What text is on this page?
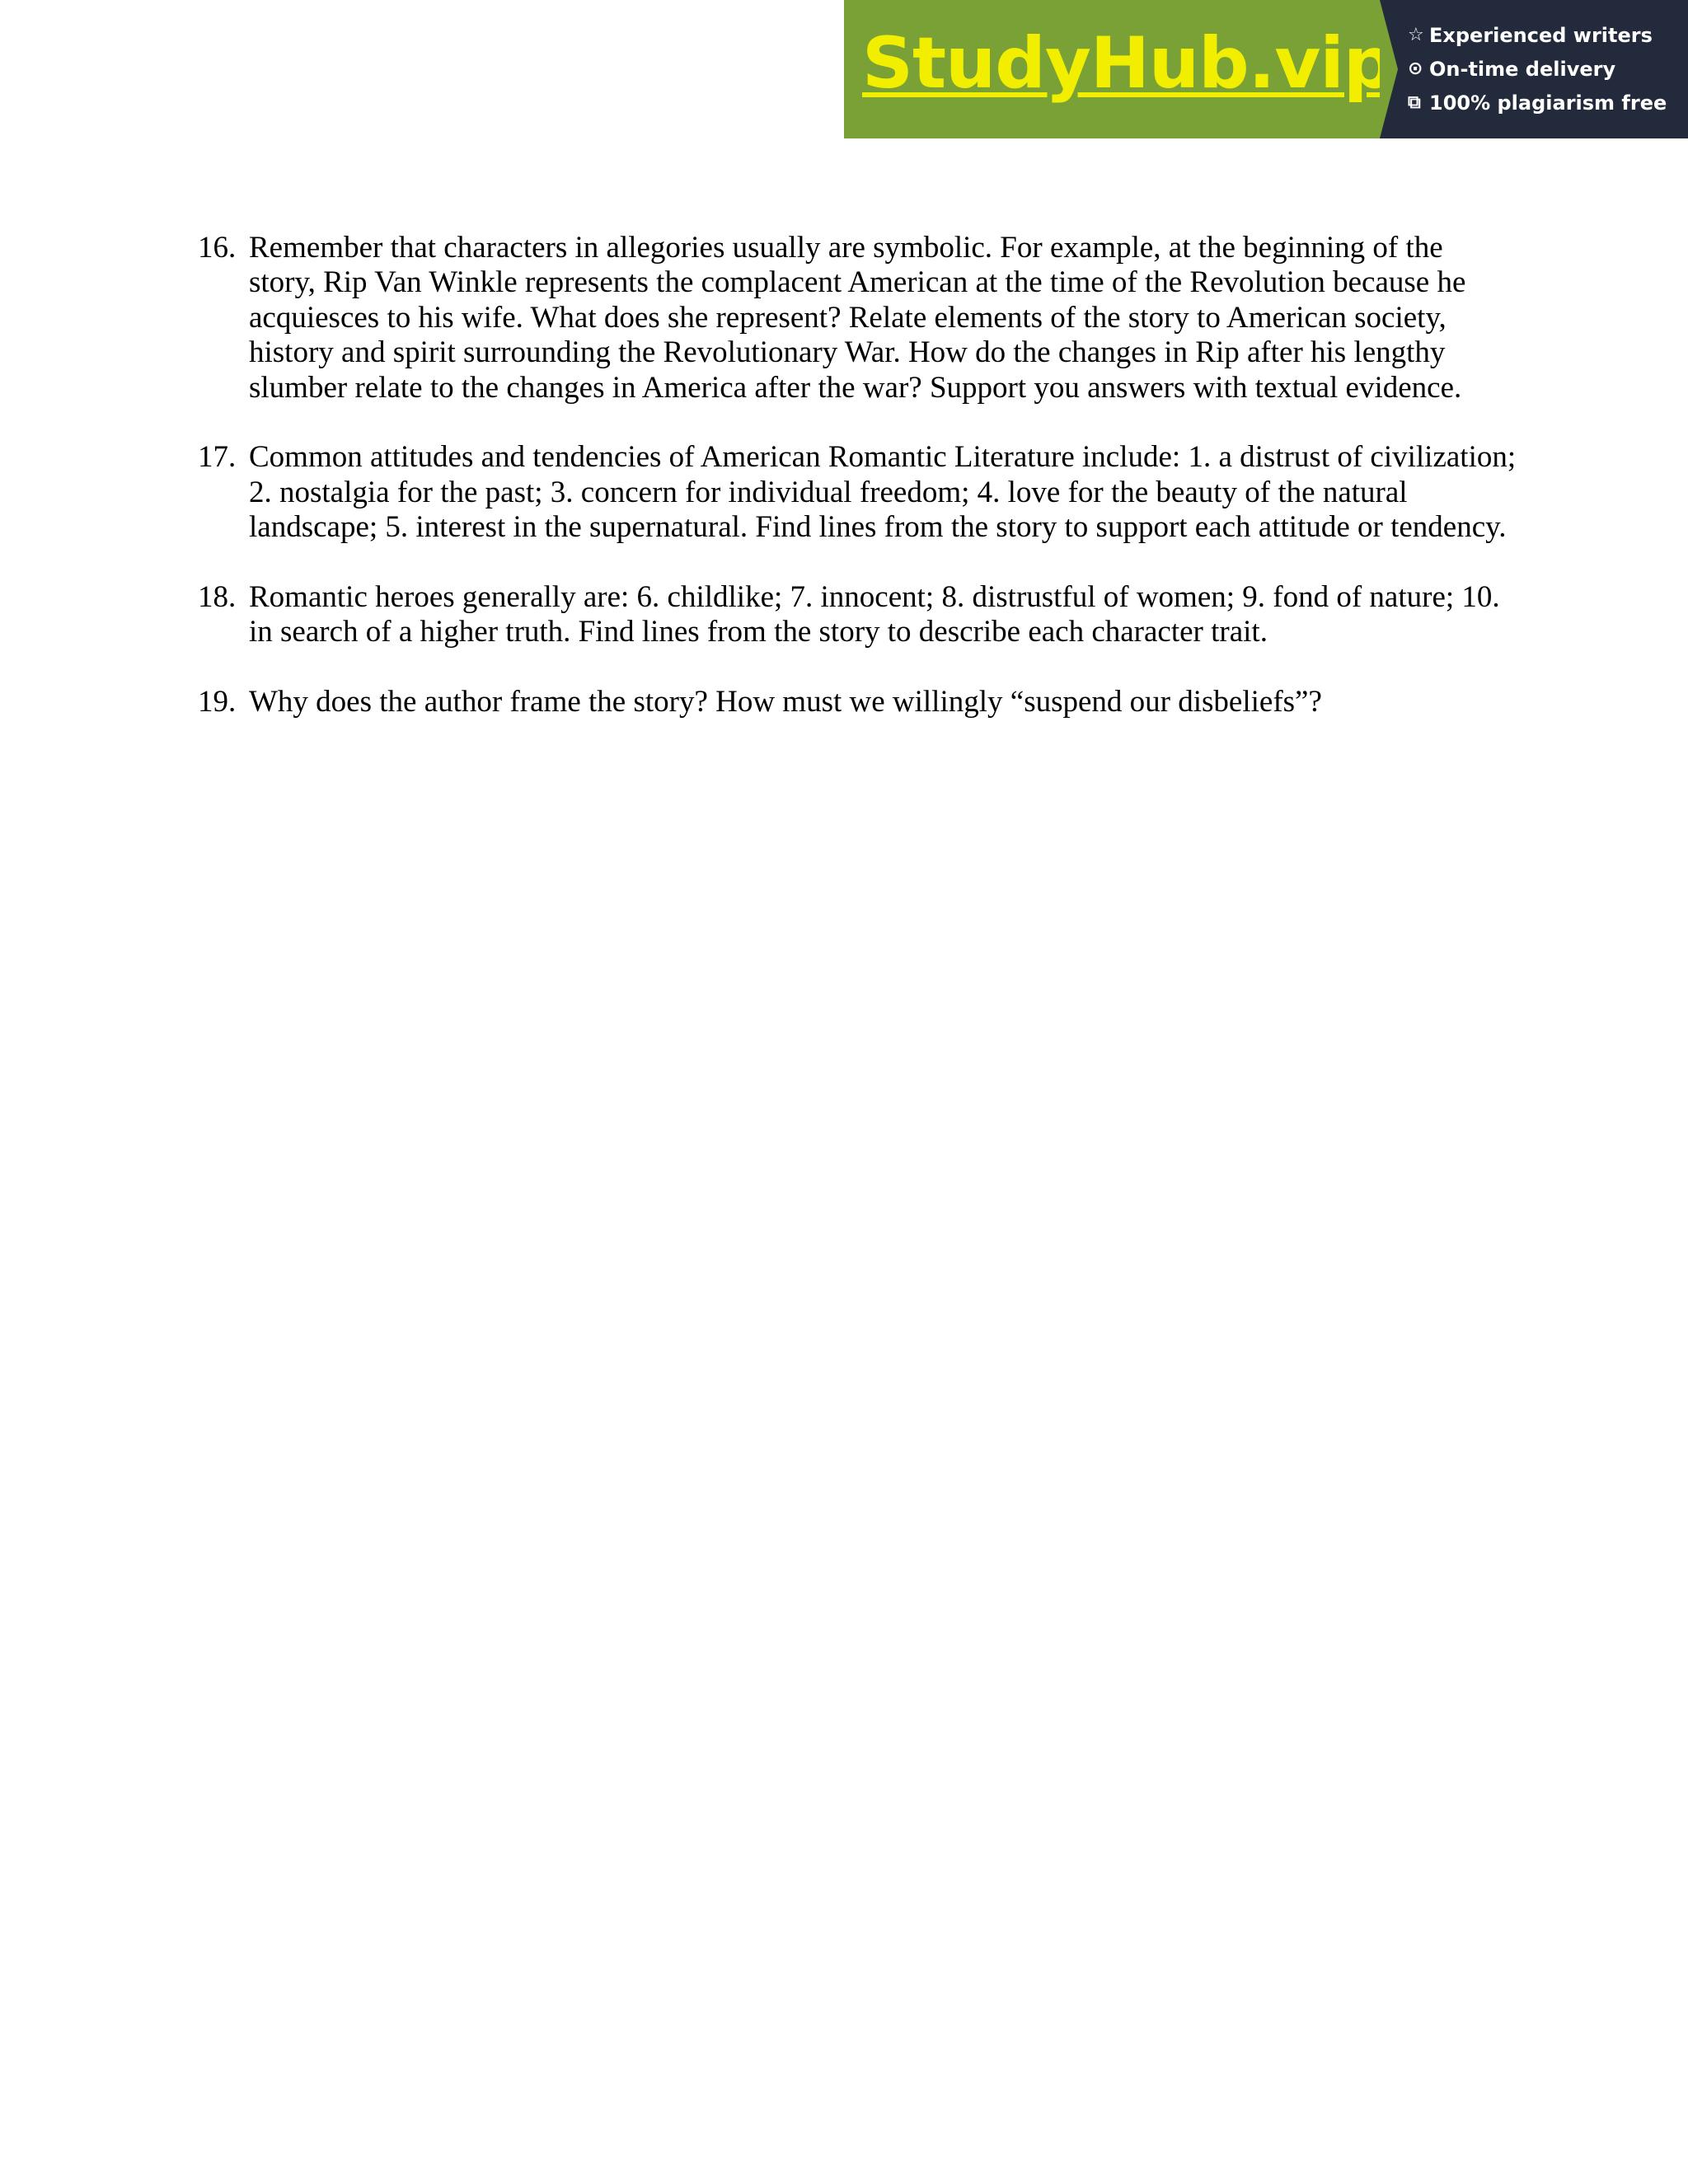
StudyHub.vip ☆ Experienced writers
⊙ On-time delivery
⧉ 100% plagiarism free
16. Remember that characters in allegories usually are symbolic. For example, at the beginning of the story, Rip Van Winkle represents the complacent American at the time of the Revolution because he acquiesces to his wife. What does she represent? Relate elements of the story to American society, history and spirit surrounding the Revolutionary War. How do the changes in Rip after his lengthy slumber relate to the changes in America after the war? Support you answers with textual evidence.
17. Common attitudes and tendencies of American Romantic Literature include: 1. a distrust of civilization; 2. nostalgia for the past; 3. concern for individual freedom; 4. love for the beauty of the natural landscape; 5. interest in the supernatural. Find lines from the story to support each attitude or tendency.
18. Romantic heroes generally are: 6. childlike; 7. innocent; 8. distrustful of women; 9. fond of nature; 10. in search of a higher truth. Find lines from the story to describe each character trait.
19. Why does the author frame the story? How must we willingly “suspend our disbeliefs”?
